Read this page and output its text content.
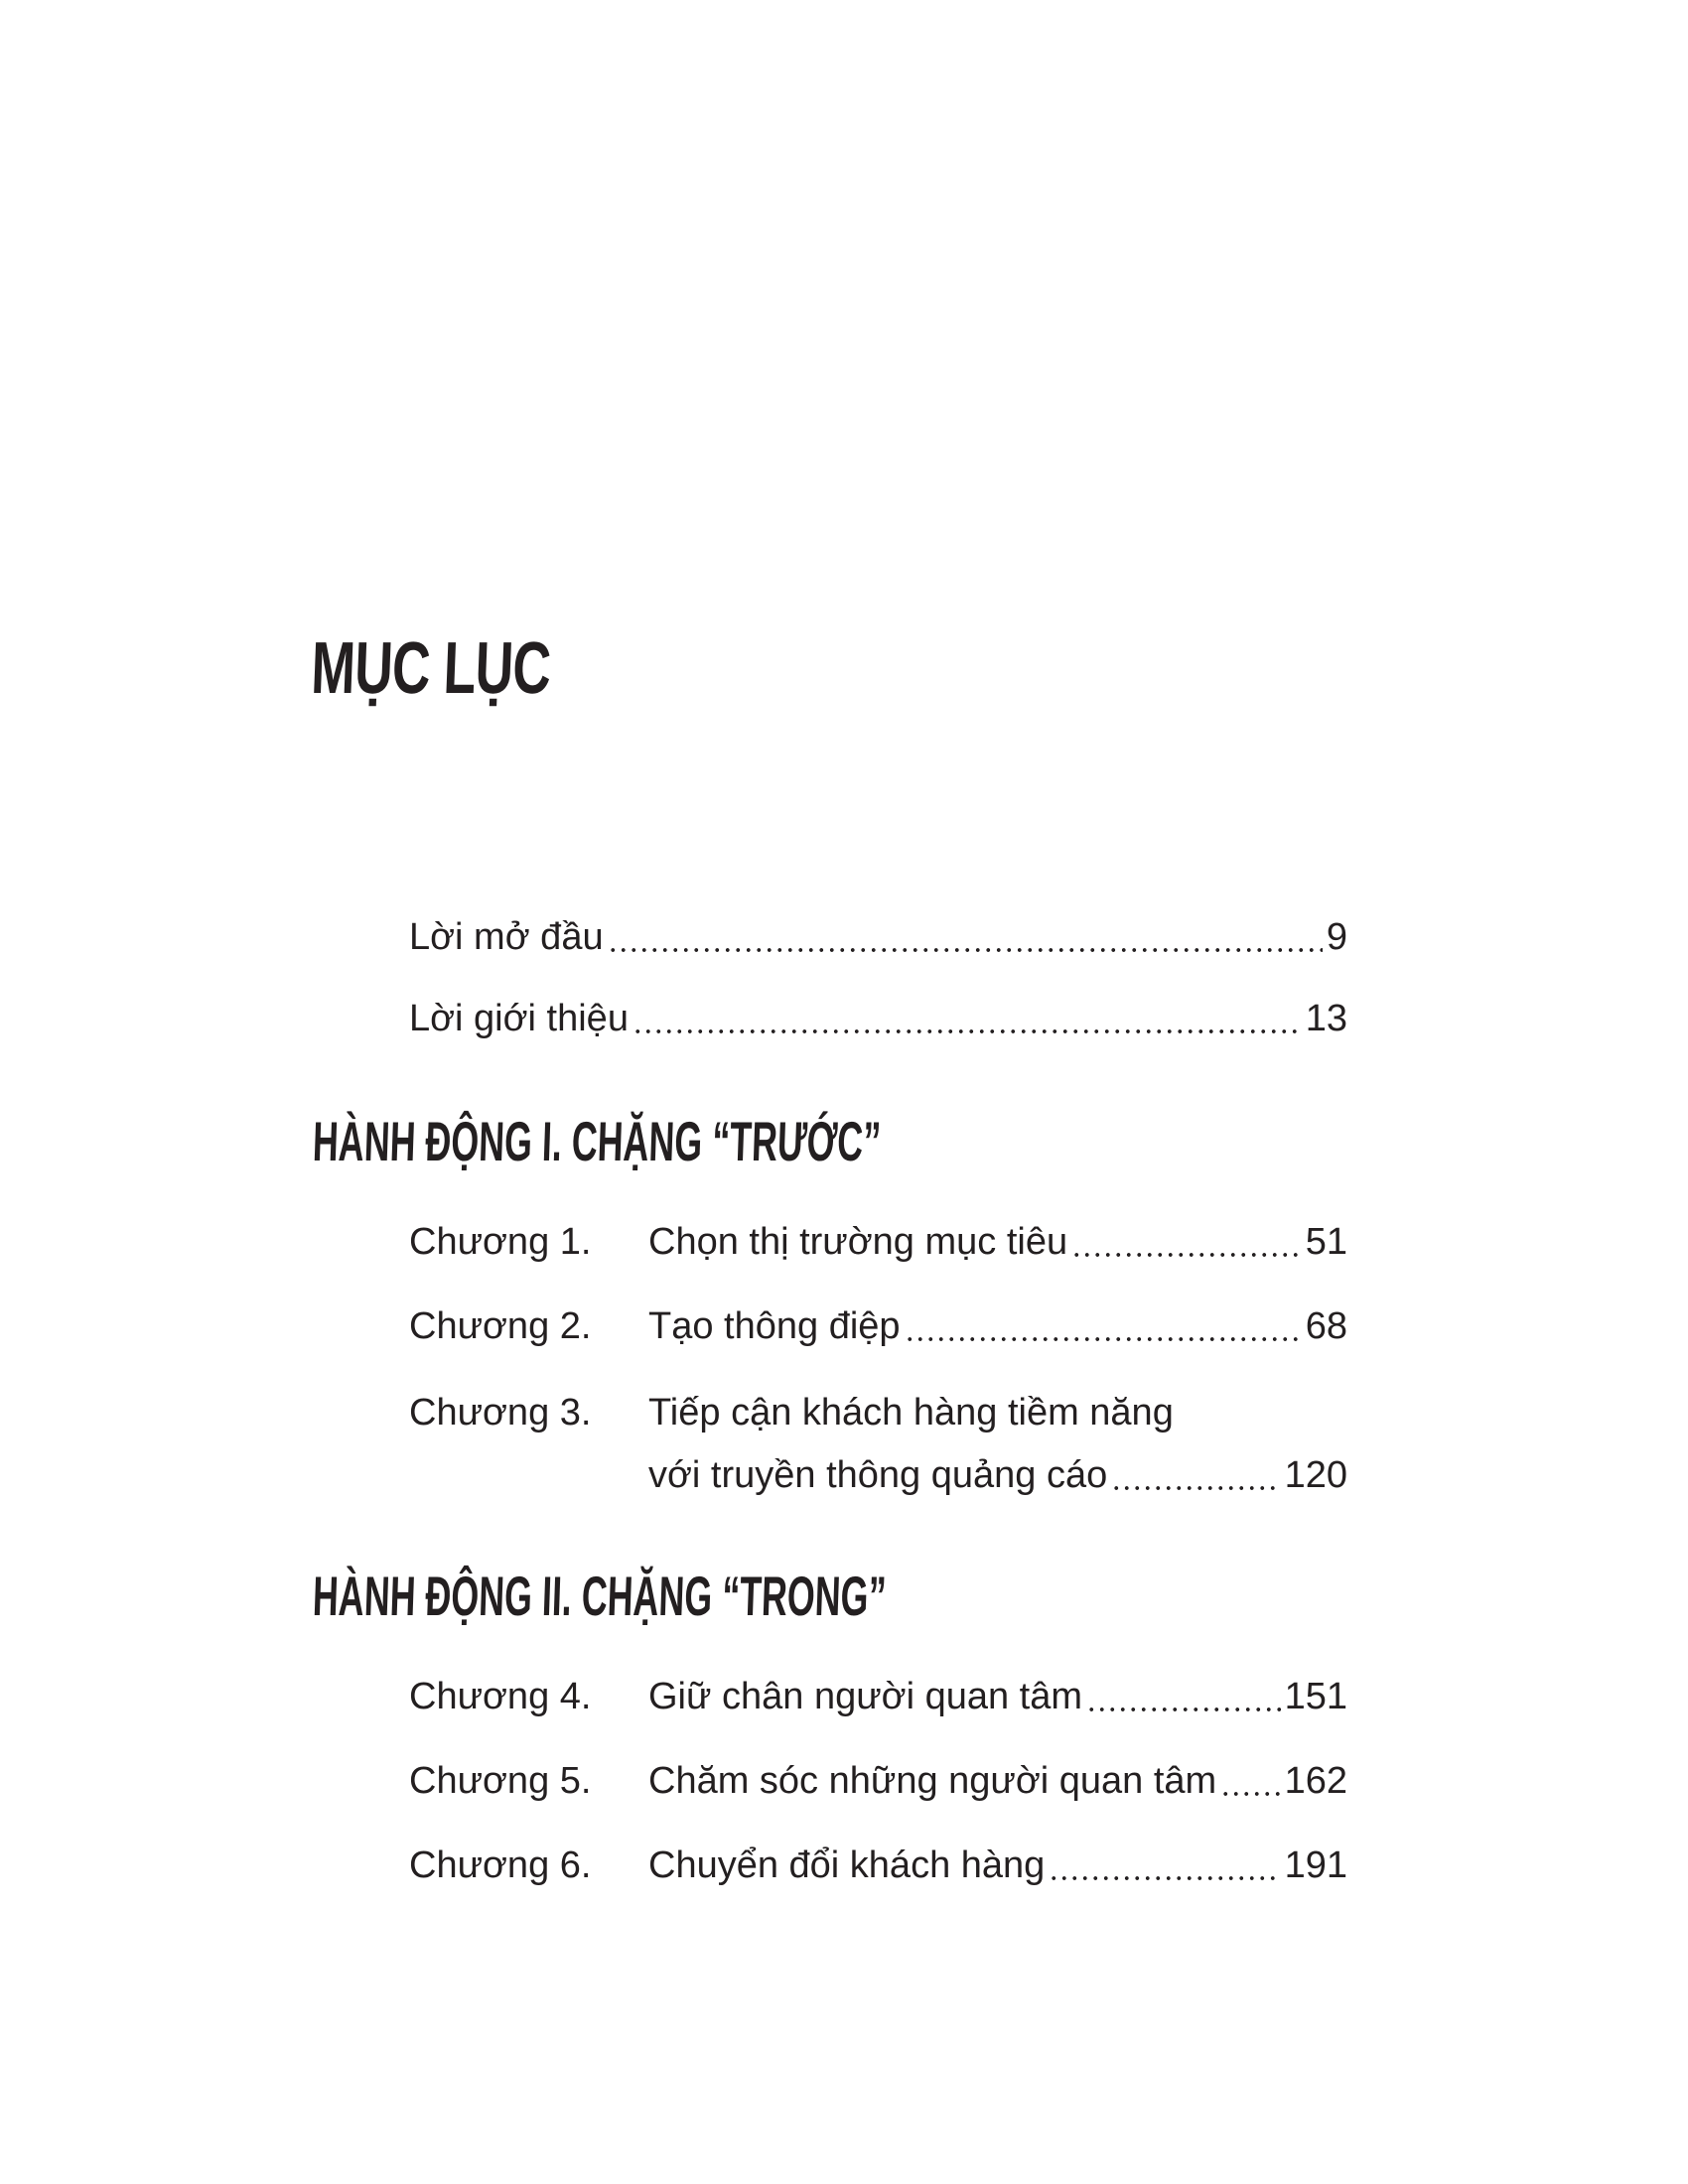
MỤC LỤC
Lời mở đầu	9
Lời giới thiệu	13
HÀNH ĐỘNG I. CHẶNG “TRƯỚC”
Chương 1.	Chọn thị trường mục tiêu	51
Chương 2.	Tạo thông điệp	68
Chương 3.	Tiếp cận khách hàng tiềm năng
với truyền thông quảng cáo	120
HÀNH ĐỘNG II. CHẶNG “TRONG”
Chương 4.	Giữ chân người quan tâm	151
Chương 5.	Chăm sóc những người quan tâm 162
Chương 6.	Chuyển đổi khách hàng	191
